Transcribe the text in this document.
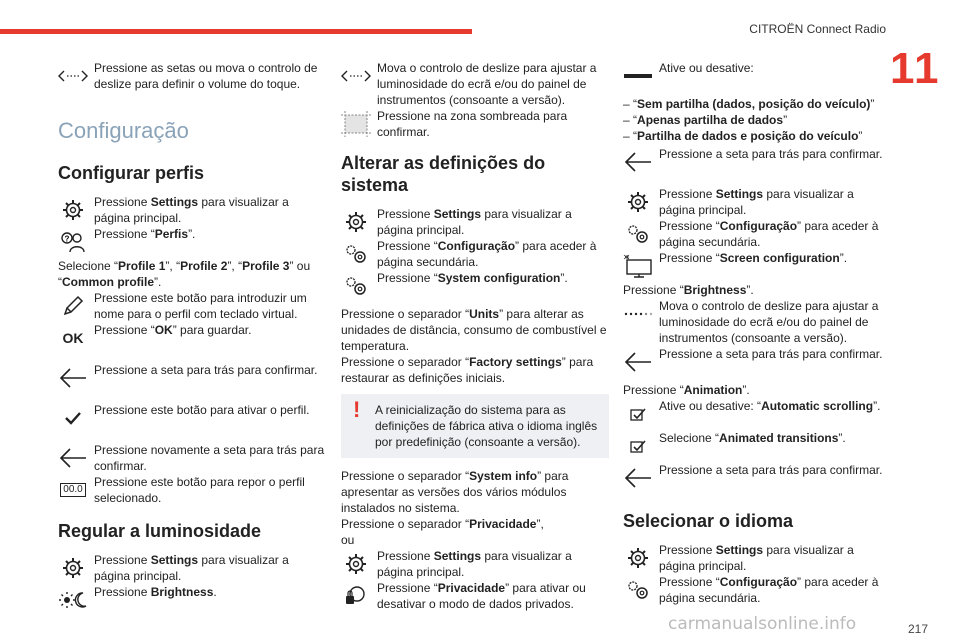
CITROËN Connect Radio
11
Pressione as setas ou mova o controlo de deslize para definir o volume do toque.
Configuração
Configurar perfis
Pressione Settings para visualizar a página principal.
? Pressione “Perfis”.
Selecione “Profile 1”, “Profile 2”, “Profile 3” ou “Common profile”.
Pressione este botão para introduzir um nome para o perfil com teclado virtual.
OK Pressione “OK” para guardar.
Pressione a seta para trás para confirmar.
Pressione este botão para ativar o perfil.
Pressione novamente a seta para trás para confirmar.
00.0
Pressione este botão para repor o perfil selecionado.
Regular a luminosidade
Pressione Settings para visualizar a página principal.
Pressione Brightness.
Mova o controlo de deslize para ajustar a luminosidade do ecrã e/ou do painel de instrumentos (consoante a versão).
Pressione na zona sombreada para confirmar.
Alterar as definições do sistema
Pressione Settings para visualizar a página principal.
Pressione “Configuração” para aceder à página secundária.
Pressione “System configuration”.
Pressione o separador “Units” para alterar as unidades de distância, consumo de combustível e temperatura.
Pressione o separador “Factory settings” para restaurar as definições iniciais.
! A reinicialização do sistema para as definições de fábrica ativa o idioma inglês por predefinição (consoante a versão).
Pressione o separador “System info” para apresentar as versões dos vários módulos instalados no sistema.
Pressione o separador “Privacidade”,
ou
Pressione Settings para visualizar a página principal.
Pressione “Privacidade” para ativar ou desativar o modo de dados privados.
Ative ou desative:
– “Sem partilha (dados, posição do veículo)”
– “Apenas partilha de dados”
– “Partilha de dados e posição do veículo”
Pressione a seta para trás para confirmar.
Pressione Settings para visualizar a página principal.
Pressione “Configuração” para aceder à página secundária.
Pressione “Screen configuration”.
Pressione “Brightness”.
Mova o controlo de deslize para ajustar a luminosidade do ecrã e/ou do painel de instrumentos (consoante a versão).
Pressione a seta para trás para confirmar.
Pressione “Animation”.
Ative ou desative: “Automatic scrolling”.
Selecione “Animated transitions”.
Pressione a seta para trás para confirmar.
Selecionar o idioma
Pressione Settings para visualizar a página principal.
Pressione “Configuração” para aceder à página secundária.
217
carmanualsonline.info
